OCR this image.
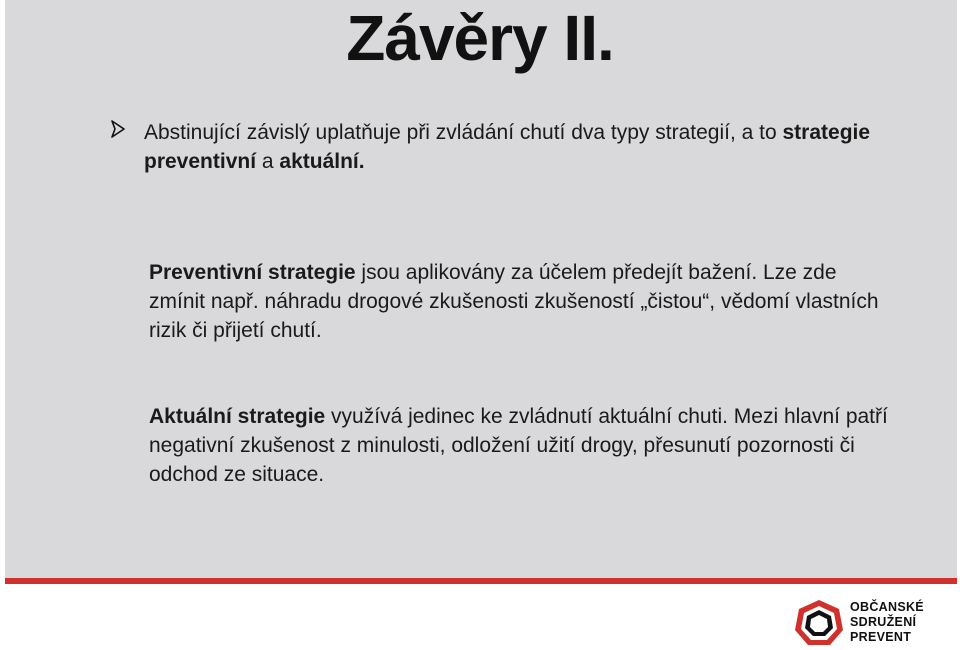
Závěry II.
Abstinující závislý uplatňuje při zvládání chutí dva typy strategií, a to strategie preventivní a aktuální.
Preventivní strategie jsou aplikovány za účelem předejít bažení. Lze zde zmínit např. náhradu drogové zkušenosti zkušeností „čistou“, vědomí vlastních rizik či přijetí chutí.
Aktuální strategie využívá jedinec ke zvládnutí aktuální chuti. Mezi hlavní patří negativní zkušenost z minulosti, odložení užití drogy, přesunutí pozornosti či odchod ze situace.
OBČANSKÉ
SDRUŽENÍ
PREVENT
